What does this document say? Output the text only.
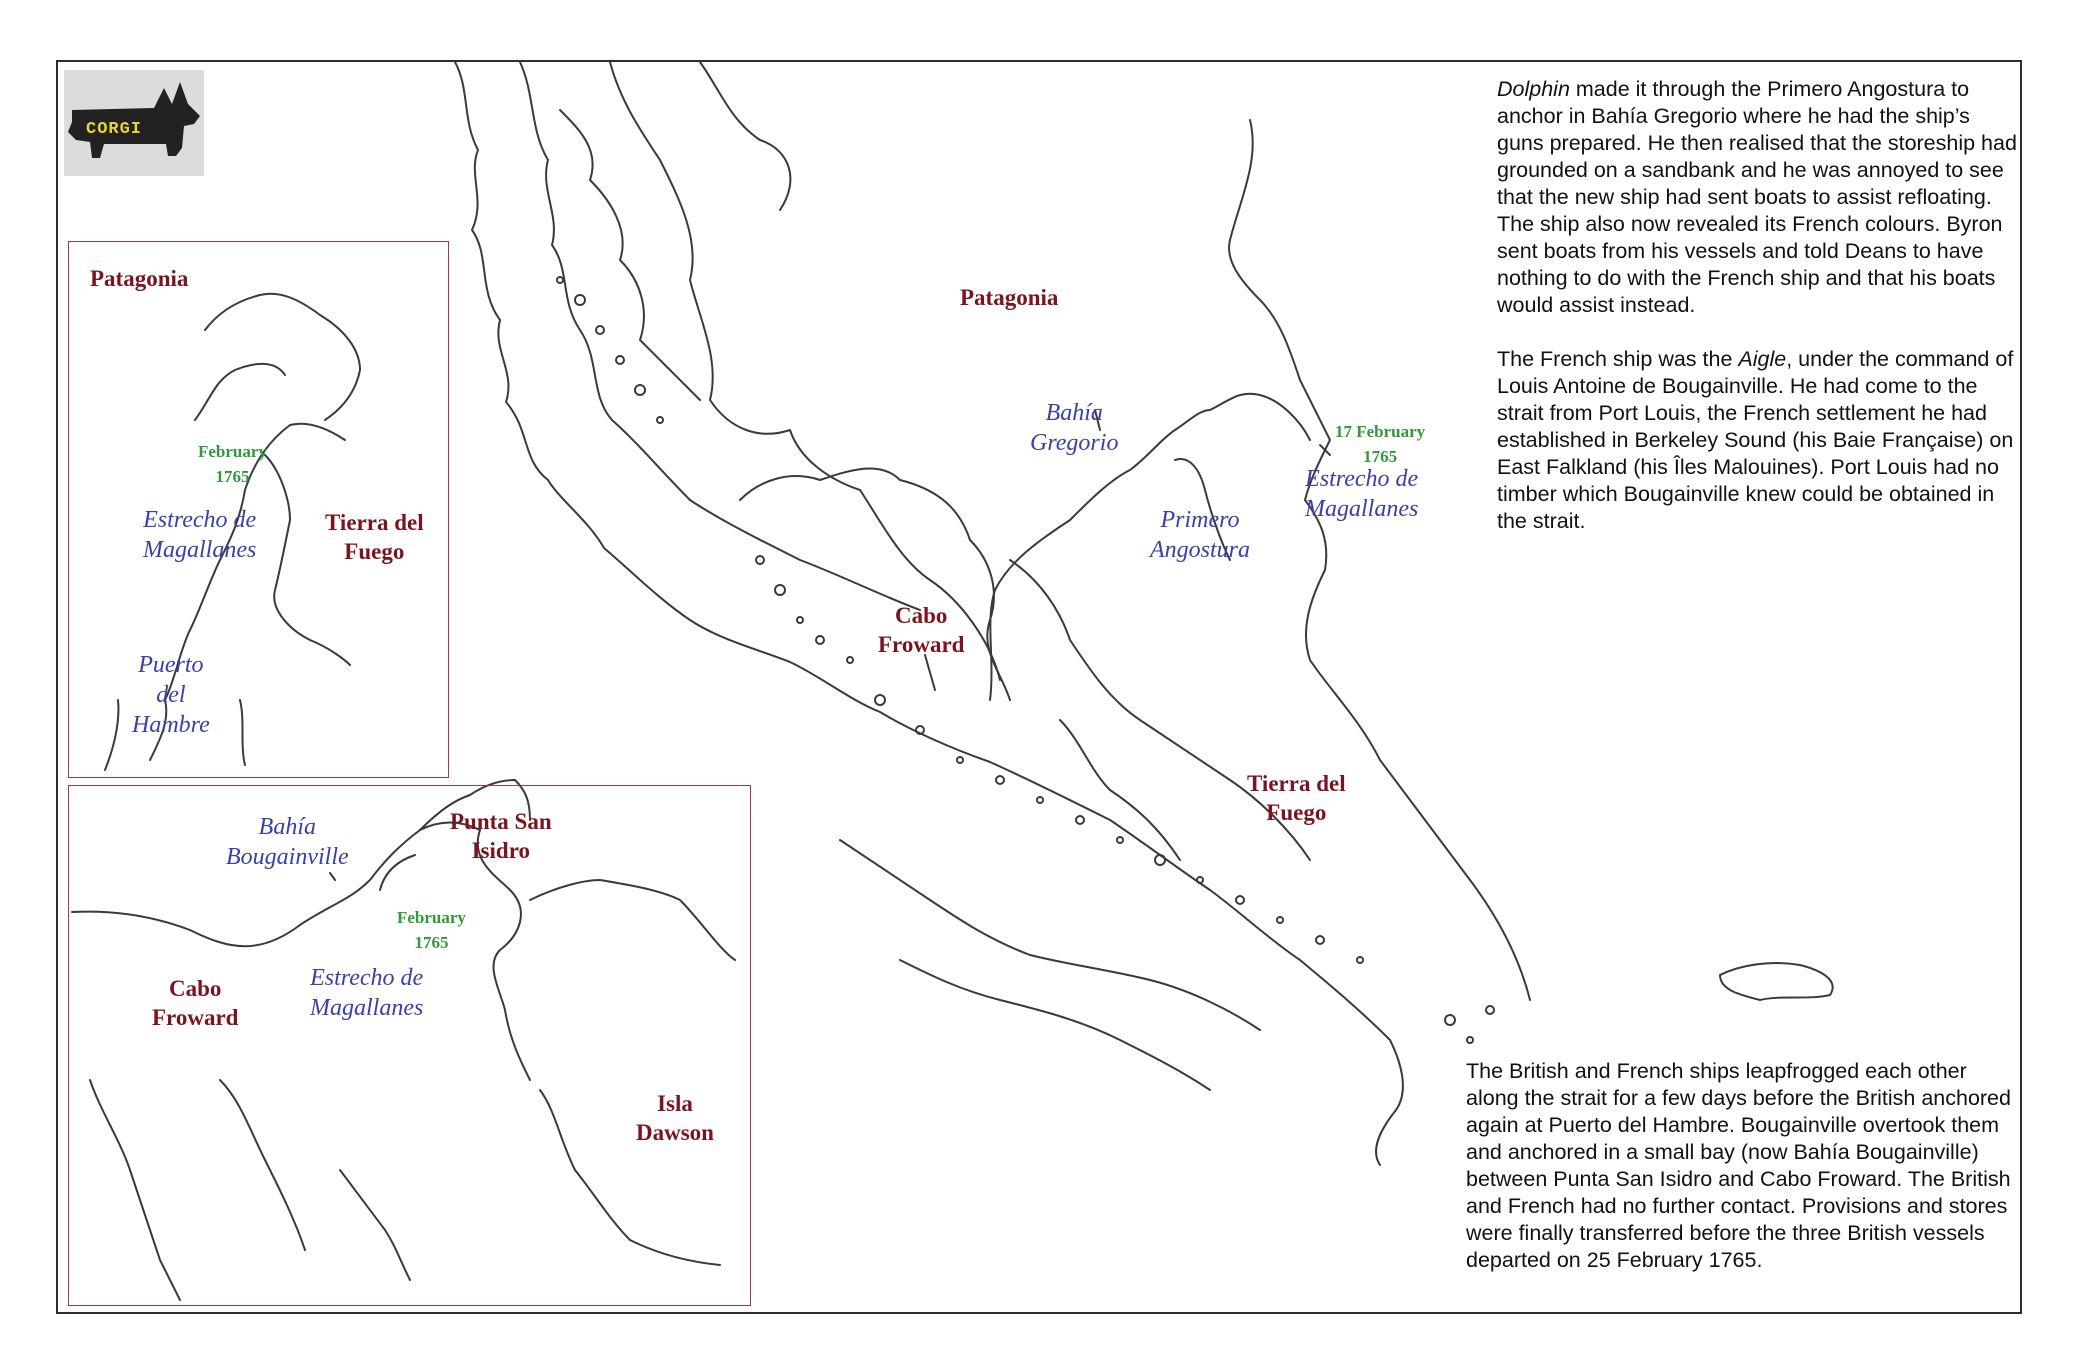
CORGI
Patagonia
Bahía
Gregorio	17 February
1765
Estrecho de
Magallanes
Primero
Angostura
Cabo
Froward
Tierra del
Fuego
Patagonia
February
1765
Estrecho de
Magallanes
Tierra del
Fuego
Puerto
del
Hambre
Bahía
Bougainville
Punta San
Isidro
February
1765
Estrecho de
Magallanes
Cabo
Froward
Isla
Dawson

Dolphin made it through the Primero Angostura to anchor in Bahía Gregorio where he had the ship’s guns prepared. He then realised that the storeship had grounded on a sandbank and he was annoyed to see that the new ship had sent boats to assist refloating. The ship also now revealed its French colours. Byron sent boats from his vessels and told Deans to have nothing to do with the French ship and that his boats would assist instead.

The French ship was the Aigle, under the command of Louis Antoine de Bougainville. He had come to the strait from Port Louis, the French settlement he had established in Berkeley Sound (his Baie Française) on East Falkland (his Îles Malouines). Port Louis had no timber which Bougainville knew could be obtained in the strait.

The British and French ships leapfrogged each other along the strait for a few days before the British anchored again at Puerto del Hambre. Bougainville overtook them and anchored in a small bay (now Bahía Bougainville) between Punta San Isidro and Cabo Froward. The British and French had no further contact. Provisions and stores were finally transferred before the three British vessels departed on 25 February 1765.
